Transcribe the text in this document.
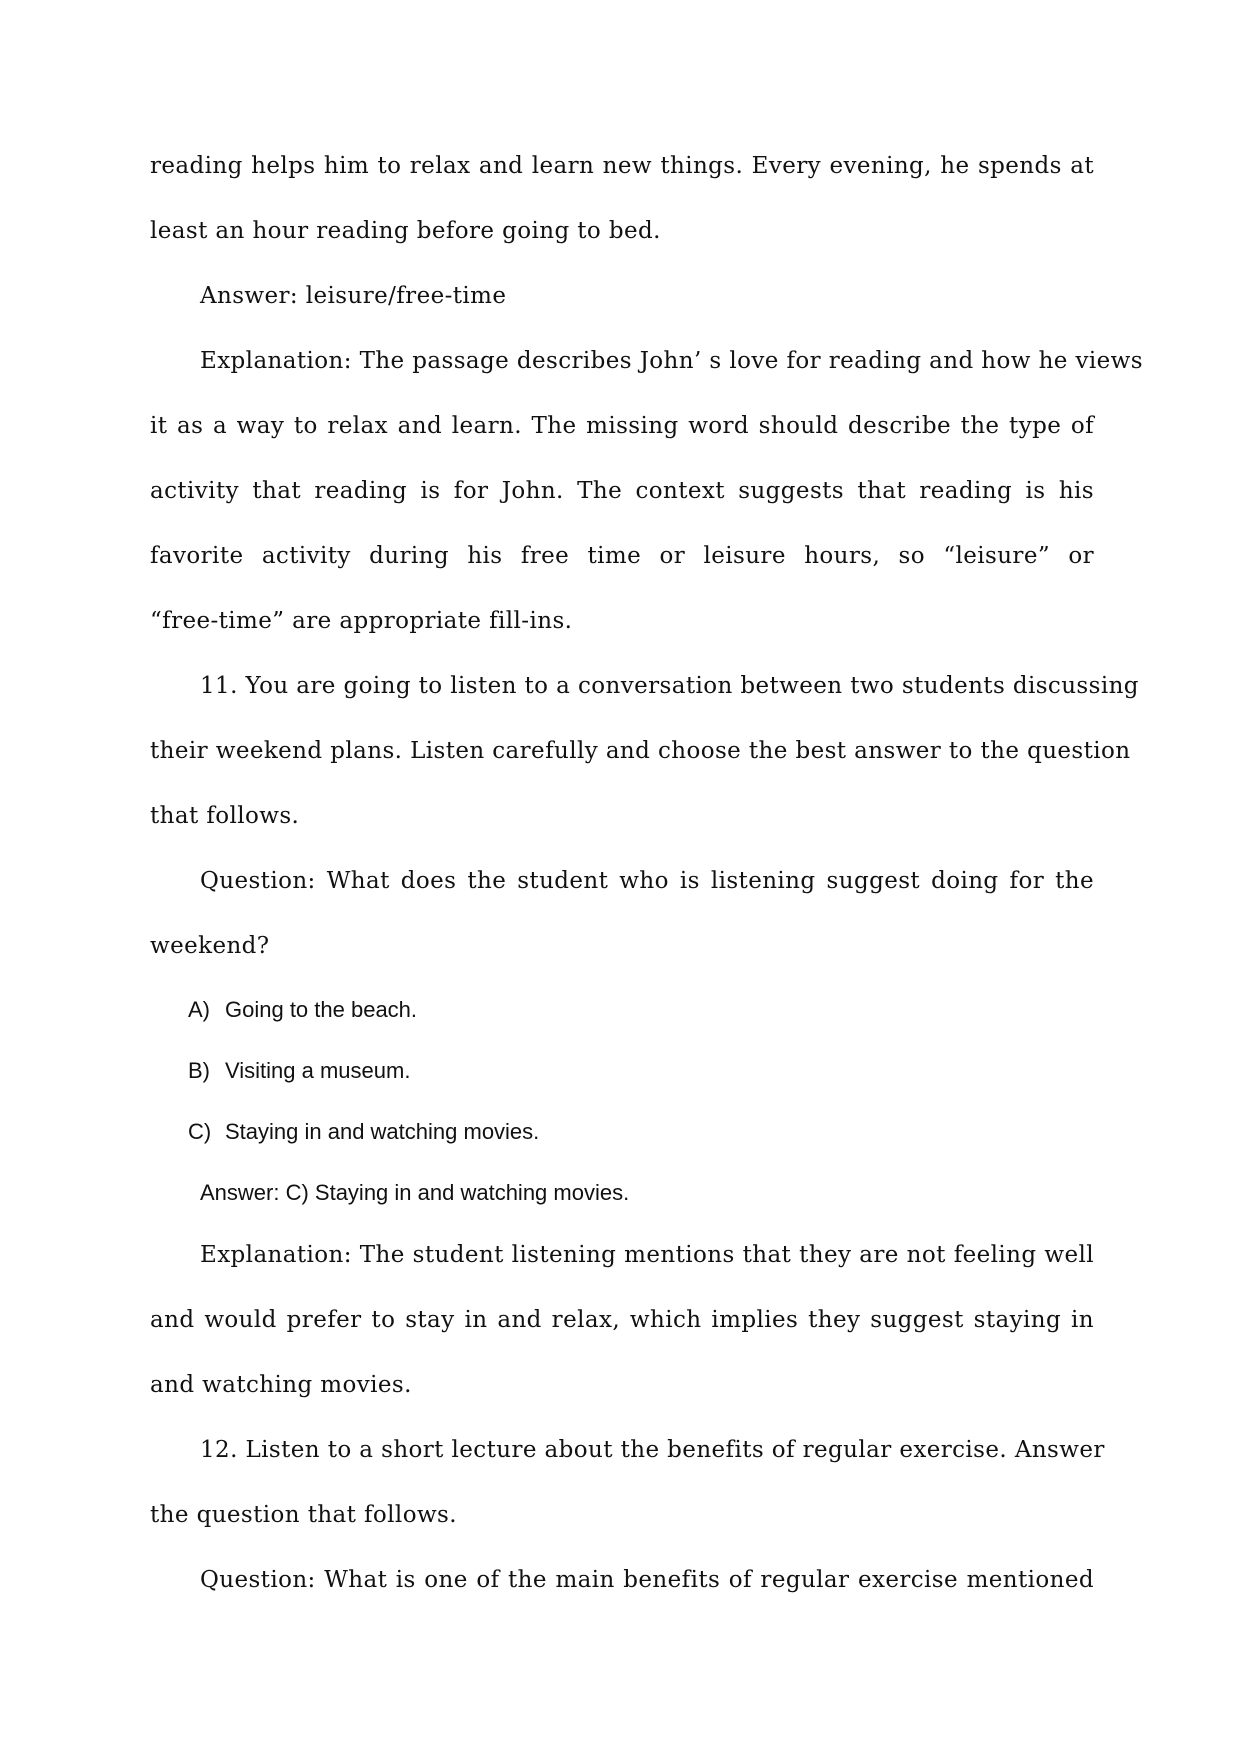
reading helps him to relax and learn new things. Every evening, he spends at
least an hour reading before going to bed.
Answer: leisure/free-time
Explanation: The passage describes John’ s love for reading and how he views
it as a way to relax and learn. The missing word should describe the type of
activity that reading is for John. The context suggests that reading is his
favorite activity during his free time or leisure hours, so “leisure” or
“free-time” are appropriate fill-ins.
11. You are going to listen to a conversation between two students discussing
their weekend plans. Listen carefully and choose the best answer to the question
that follows.
Question: What does the student who is listening suggest doing for the
weekend?
A) Going to the beach.
B) Visiting a museum.
C) Staying in and watching movies.
Answer: C) Staying in and watching movies.
Explanation: The student listening mentions that they are not feeling well
and would prefer to stay in and relax, which implies they suggest staying in
and watching movies.
12. Listen to a short lecture about the benefits of regular exercise. Answer
the question that follows.
Question: What is one of the main benefits of regular exercise mentioned
